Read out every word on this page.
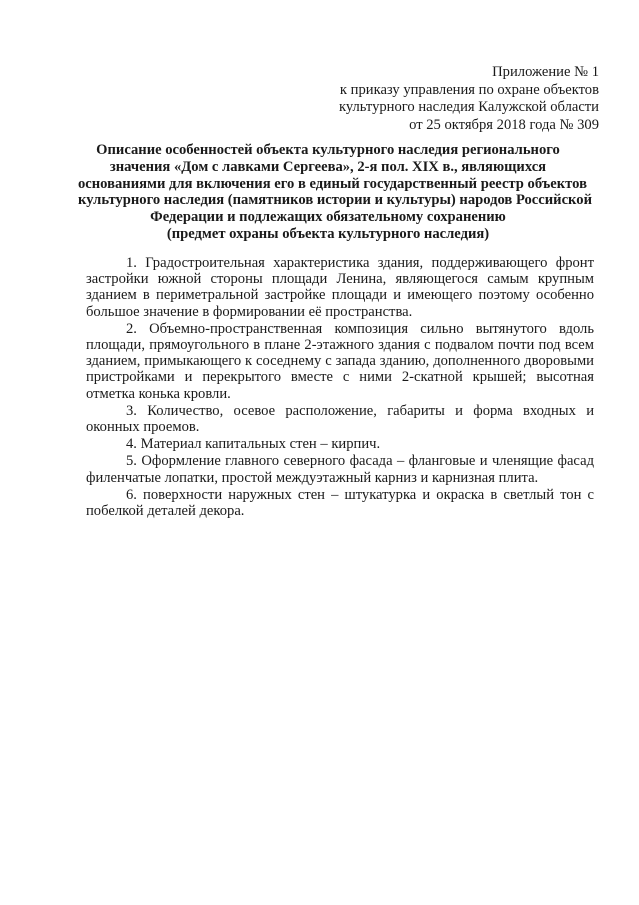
Приложение № 1
к приказу управления по охране объектов
культурного наследия Калужской области
от 25 октября 2018 года № 309
Описание особенностей объекта культурного наследия регионального
значения «Дом с лавками Сергеева», 2-я пол. XIX в., являющихся
основаниями для включения его в единый государственный реестр объектов
культурного наследия (памятников истории и культуры) народов Российской
Федерации и подлежащих обязательному сохранению
(предмет охраны объекта культурного наследия)

1. Градостроительная характеристика здания, поддерживающего фронт застройки южной стороны площади Ленина, являющегося самым крупным зданием в периметральной застройке площади и имеющего поэтому особенно большое значение в формировании её пространства.

2. Объемно-пространственная композиция сильно вытянутого вдоль площади, прямоугольного в плане 2-этажного здания с подвалом почти под всем зданием, примыкающего к соседнему с запада зданию, дополненного дворовыми пристройками и перекрытого вместе с ними 2-скатной крышей; высотная отметка конька кровли.

3. Количество, осевое расположение, габариты и форма входных и оконных проемов.

4. Материал капитальных стен – кирпич.

5. Оформление главного северного фасада – фланговые и членящие фасад филенчатые лопатки, простой междуэтажный карниз и карнизная плита.

6. поверхности наружных стен – штукатурка и окраска в светлый тон с побелкой деталей декора.
